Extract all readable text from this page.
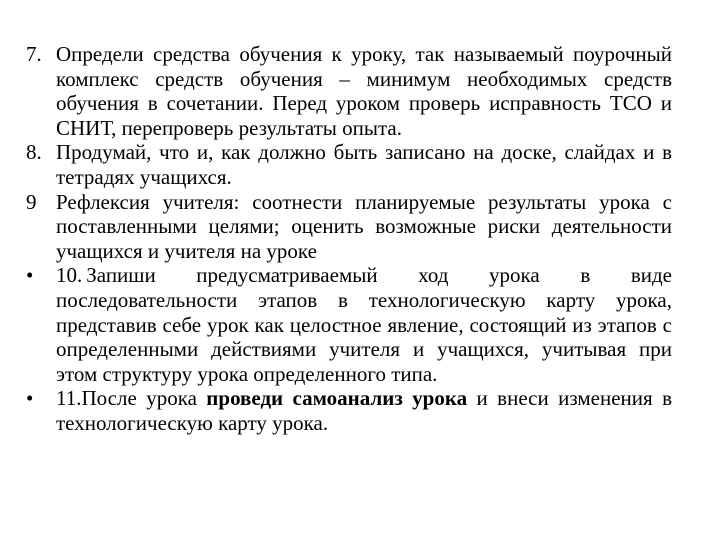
7. Определи средства обучения к уроку, так называемый поурочный комплекс средств обучения – минимум необходимых средств обучения в сочетании. Перед уроком проверь исправность ТСО и СНИТ, перепроверь результаты опыта.
8. Продумай, что и, как должно быть записано на доске, слайдах и в тетрадях учащихся.
9 Рефлексия учителя: соотнести планируемые результаты урока с поставленными целями; оценить возможные риски деятельности учащихся и учителя на уроке
• 10. Запиши предусматриваемый ход урока в виде последовательности этапов в технологическую карту урока, представив себе урок как целостное явление, состоящий из этапов с определенными действиями учителя и учащихся, учитывая при этом структуру урока определенного типа.
• 11.После урока проведи самоанализ урока и внеси изменения в технологическую карту урока.
